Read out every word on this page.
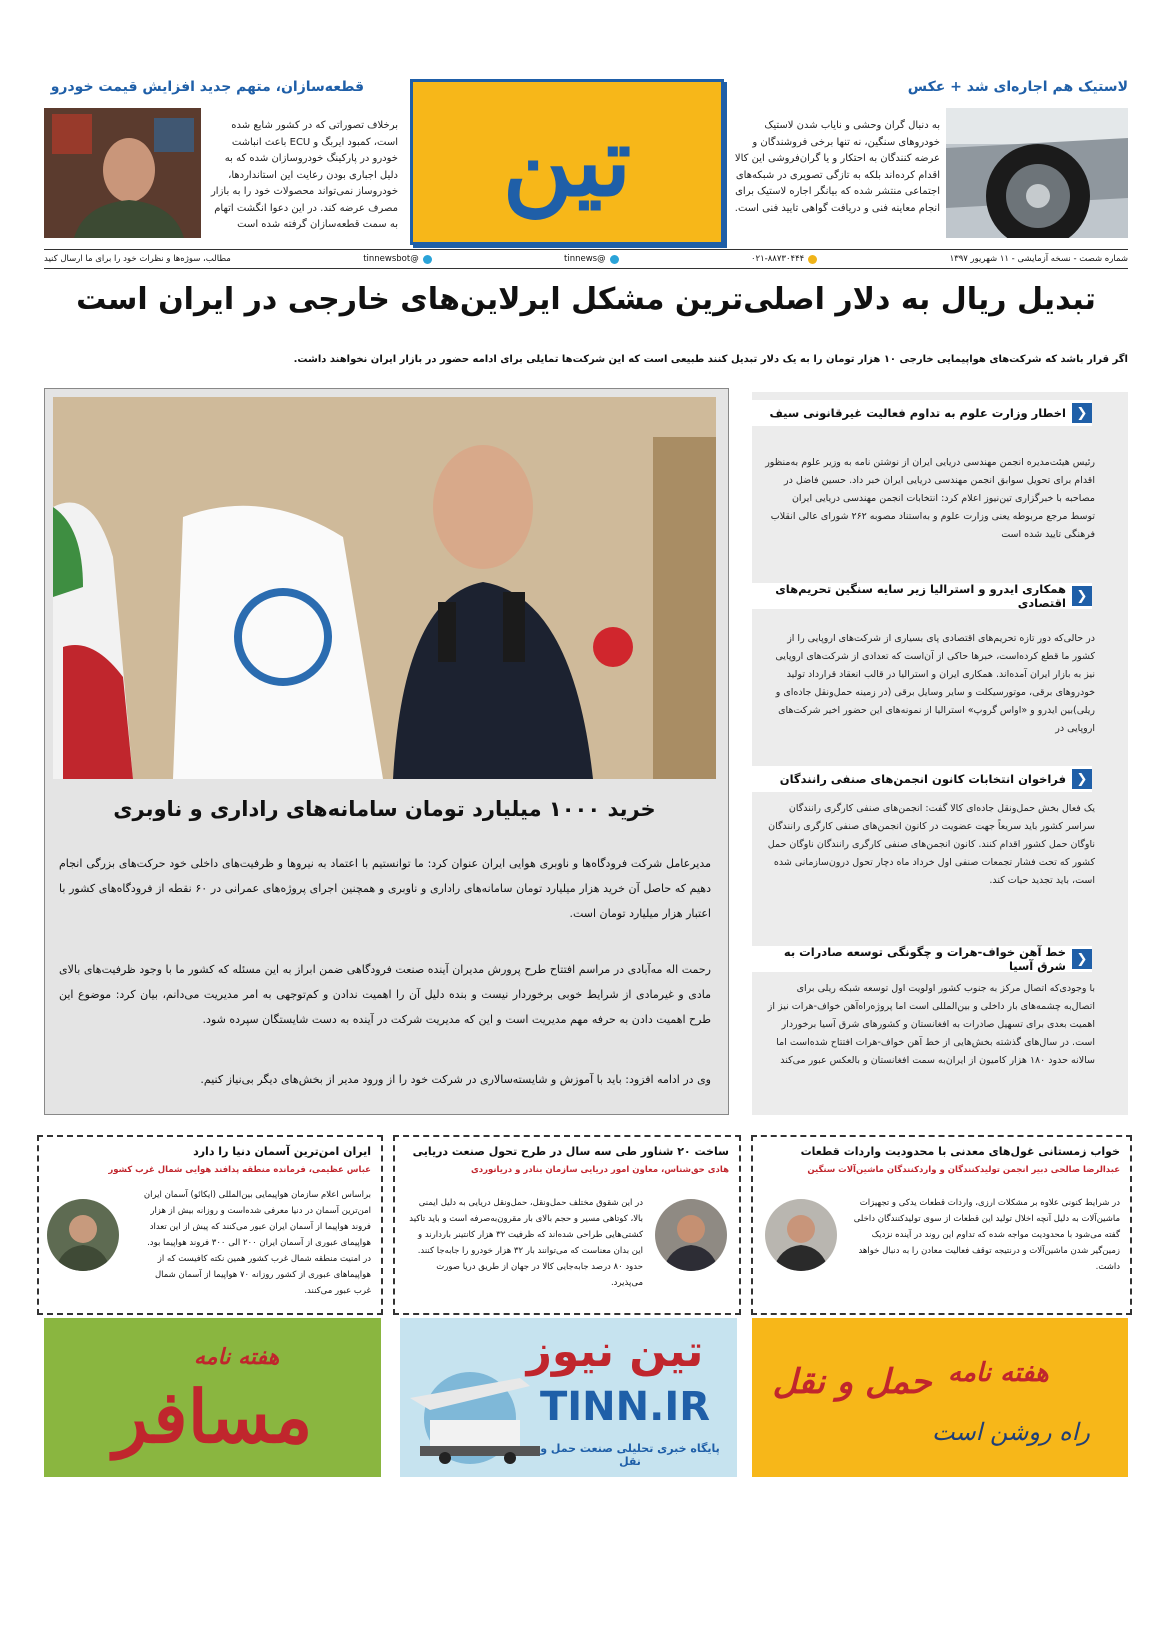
قطعه‌سازان، متهم جدید افزایش قیمت خودرو
برخلاف تصوراتی که در کشور شایع شده است، کمبود ایربگ و ECU باعث انباشت خودرو در پارکینگ خودروسازان شده که به دلیل اجباری بودن رعایت این استانداردها، خودروساز نمی‌تواند محصولات خود را به بازار مصرف عرضه کند. در این دعوا انگشت اتهام به سمت قطعه‌سازان گرفته شده است
تین
لاستیک هم اجاره‌ای شد + عکس
به دنبال گران وحشی و نایاب شدن لاستیک خودروهای سنگین، نه تنها برخی فروشندگان و عرضه کنندگان به احتکار و یا گران‌فروشی این کالا اقدام کرده‌اند بلکه به تازگی تصویری در شبکه‌های اجتماعی منتشر شده که بیانگر اجاره لاستیک برای انجام معاینه فنی و دریافت گواهی تایید فنی است.
شماره شصت - نسخه آزمایشی - ۱۱ شهریور ۱۳۹۷
۰۲۱-۸۸۷۳۰۴۴۴
@tinnews
@tinnewsbot
مطالب، سوژه‌ها و نظرات خود را برای ما ارسال کنید
تبدیل ریال به دلار اصلی‌ترین مشکل ایرلاین‌های خارجی در ایران است
اگر قرار باشد که شرکت‌های هواپیمایی خارجی ۱۰ هزار تومان را به یک دلار تبدیل کنند طبیعی است که این شرکت‌ها تمایلی برای ادامه حضور در بازار ایران نخواهند داشت.
خرید ۱۰۰۰ میلیارد تومان سامانه‌های راداری و ناوبری
مدیرعامل شرکت فرودگاه‌ها و ناوبری هوایی ایران عنوان کرد: ما توانستیم با اعتماد به نیروها و ظرفیت‌های داخلی خود حرکت‌های بزرگی انجام دهیم که حاصل آن خرید هزار میلیارد تومان سامانه‌های راداری و ناوبری و همچنین اجرای پروژه‌های عمرانی در ۶۰ نقطه از فرودگاه‌های کشور با اعتبار هزار میلیارد تومان است.
رحمت اله مه‌آبادی در مراسم افتتاح طرح پرورش مدیران آینده صنعت فرودگاهی ضمن ابراز به این مسئله که کشور ما با وجود ظرفیت‌های بالای مادی و غیرمادی از شرایط خوبی برخوردار نیست و بنده دلیل آن را اهمیت ندادن و کم‌توجهی به امر مدیریت می‌دانم، بیان کرد: موضوع این طرح اهمیت دادن به حرفه مهم مدیریت است و این که مدیریت شرکت در آینده به دست شایستگان سپرده شود.
وی در ادامه افزود: باید با آموزش و شایسته‌سالاری در شرکت خود را از ورود مدیر از بخش‌های دیگر بی‌نیاز کنیم.
❮
اخطار وزارت علوم به تداوم فعالیت غیرقانونی سیف
رئیس هیئت‌مدیره انجمن مهندسی دریایی ایران از نوشتن نامه به وزیر علوم به‌منظور اقدام برای تحویل سوابق انجمن مهندسی دریایی ایران خبر داد. حسین فاضل در مصاحبه با خبرگزاری تین‌نیوز اعلام کرد: انتخابات انجمن مهندسی دریایی ایران توسط مرجع مربوطه یعنی وزارت علوم و به‌استناد مصوبه ۲۶۲ شورای عالی انقلاب فرهنگی تایید شده است
❮
همکاری ایدرو و استرالیا زیر سایه سنگین تحریم‌های اقتصادی
در حالی‌که دور تازه تحریم‌های اقتصادی پای بسیاری از شرکت‌های اروپایی را از کشور ما قطع کرده‌است، خبرها حاکی از آن‌است که تعدادی از شرکت‌های اروپایی نیز به بازار ایران آمده‌اند. همکاری ایران و استرالیا در قالب انعقاد قرارداد تولید خودروهای برقی، موتورسیکلت و سایر وسایل برقی (در زمینه حمل‌ونقل جاده‌ای و ریلی)بین ایدرو و «اواس گروپ» استرالیا از نمونه‌های این حضور اخیر شرکت‌های اروپایی در
❮
فراخوان انتخابات کانون انجمن‌های صنفی رانندگان
یک فعال بخش حمل‌ونقل جاده‌ای کالا گفت: انجمن‌های صنفی کارگری رانندگان سراسر کشور باید سریعاً جهت عضویت در کانون انجمن‌های صنفی کارگری رانندگان ناوگان حمل کشور اقدام کنند. کانون انجمن‌های صنفی کارگری رانندگان ناوگان حمل کشور که تحت فشار تجمعات صنفی اول خرداد ماه دچار تحول درون‌سازمانی شده است، باید تجدید حیات کند.
❮
خط آهن خواف-هرات و چگونگی توسعه صادرات به شرق آسیا
با وجودی‌که اتصال مرکز به جنوب کشور اولویت اول توسعه شبکه ریلی برای اتصال‌به چشمه‌های بار داخلی و بین‌المللی است اما پروژه‌راه‌آهن خواف-هرات نیز از اهمیت بعدی برای تسهیل صادرات به افغانستان و کشورهای شرق آسیا برخوردار است. در سال‌های گذشته بخش‌هایی از خط آهن خواف-هرات افتتاح شده‌است اما سالانه حدود ۱۸۰ هزار کامیون از ایران‌به سمت افغانستان و بالعکس عبور می‌کند
ایران امن‌ترین آسمان دنیا را دارد
عباس عظیمی، فرمانده منطقه پدافند هوایی شمال غرب کشور
براساس اعلام سازمان هواپیمایی بین‌المللی (ایکائو) آسمان ایران امن‌ترین آسمان در دنیا معرفی شده‌است و روزانه بیش از هزار فروند هواپیما از آسمان ایران عبور می‌کنند که پیش از این تعداد هواپیمای عبوری از آسمان ایران ۲۰۰ الی ۳۰۰ فروند هواپیما بود. در امنیت منطقه شمال غرب کشور همین نکته کافیست که از هواپیماهای عبوری از کشور روزانه ۷۰ هواپیما از آسمان شمال غرب عبور می‌کنند.
ساخت ۲۰ شناور طی سه سال در طرح تحول صنعت دریایی
هادی حق‌شناس، معاون امور دریایی سازمان بنادر و دریانوردی
در این شقوق مختلف حمل‌ونقل، حمل‌ونقل دریایی به دلیل ایمنی بالا، کوتاهی مسیر و حجم بالای بار مقرون‌به‌صرفه است و باید تاکید کشتی‌هایی طراحی شده‌اند که ظرفیت ۳۲ هزار کانتینر باردارند و این بدان معناست که می‌توانند بار ۳۲ هزار خودرو را جابه‌جا کنند. حدود ۸۰ درصد جابه‌جایی کالا در جهان از طریق دریا صورت می‌پذیرد.
خواب زمستانی غول‌های معدنی با محدودیت واردات قطعات
عبدالرضا صالحی دبیر انجمن تولیدکنندگان و واردکنندگان ماشین‌آلات سنگین
در شرایط کنونی علاوه بر مشکلات ارزی، واردات قطعات یدکی و تجهیزات ماشین‌آلات به دلیل آنچه اخلال تولید این قطعات از سوی تولیدکنندگان داخلی گفته می‌شود با محدودیت مواجه شده که تداوم این روند در آینده نزدیک زمین‌گیر شدن ماشین‌آلات و درنتیجه توقف فعالیت معادن را به دنبال خواهد داشت.
هفته نامه
مسافر
تین نیوز
TINN.IR
پایگاه خبری تحلیلی صنعت حمل و نقل
هفته نامه
حمل و نقل
راه روشن است
